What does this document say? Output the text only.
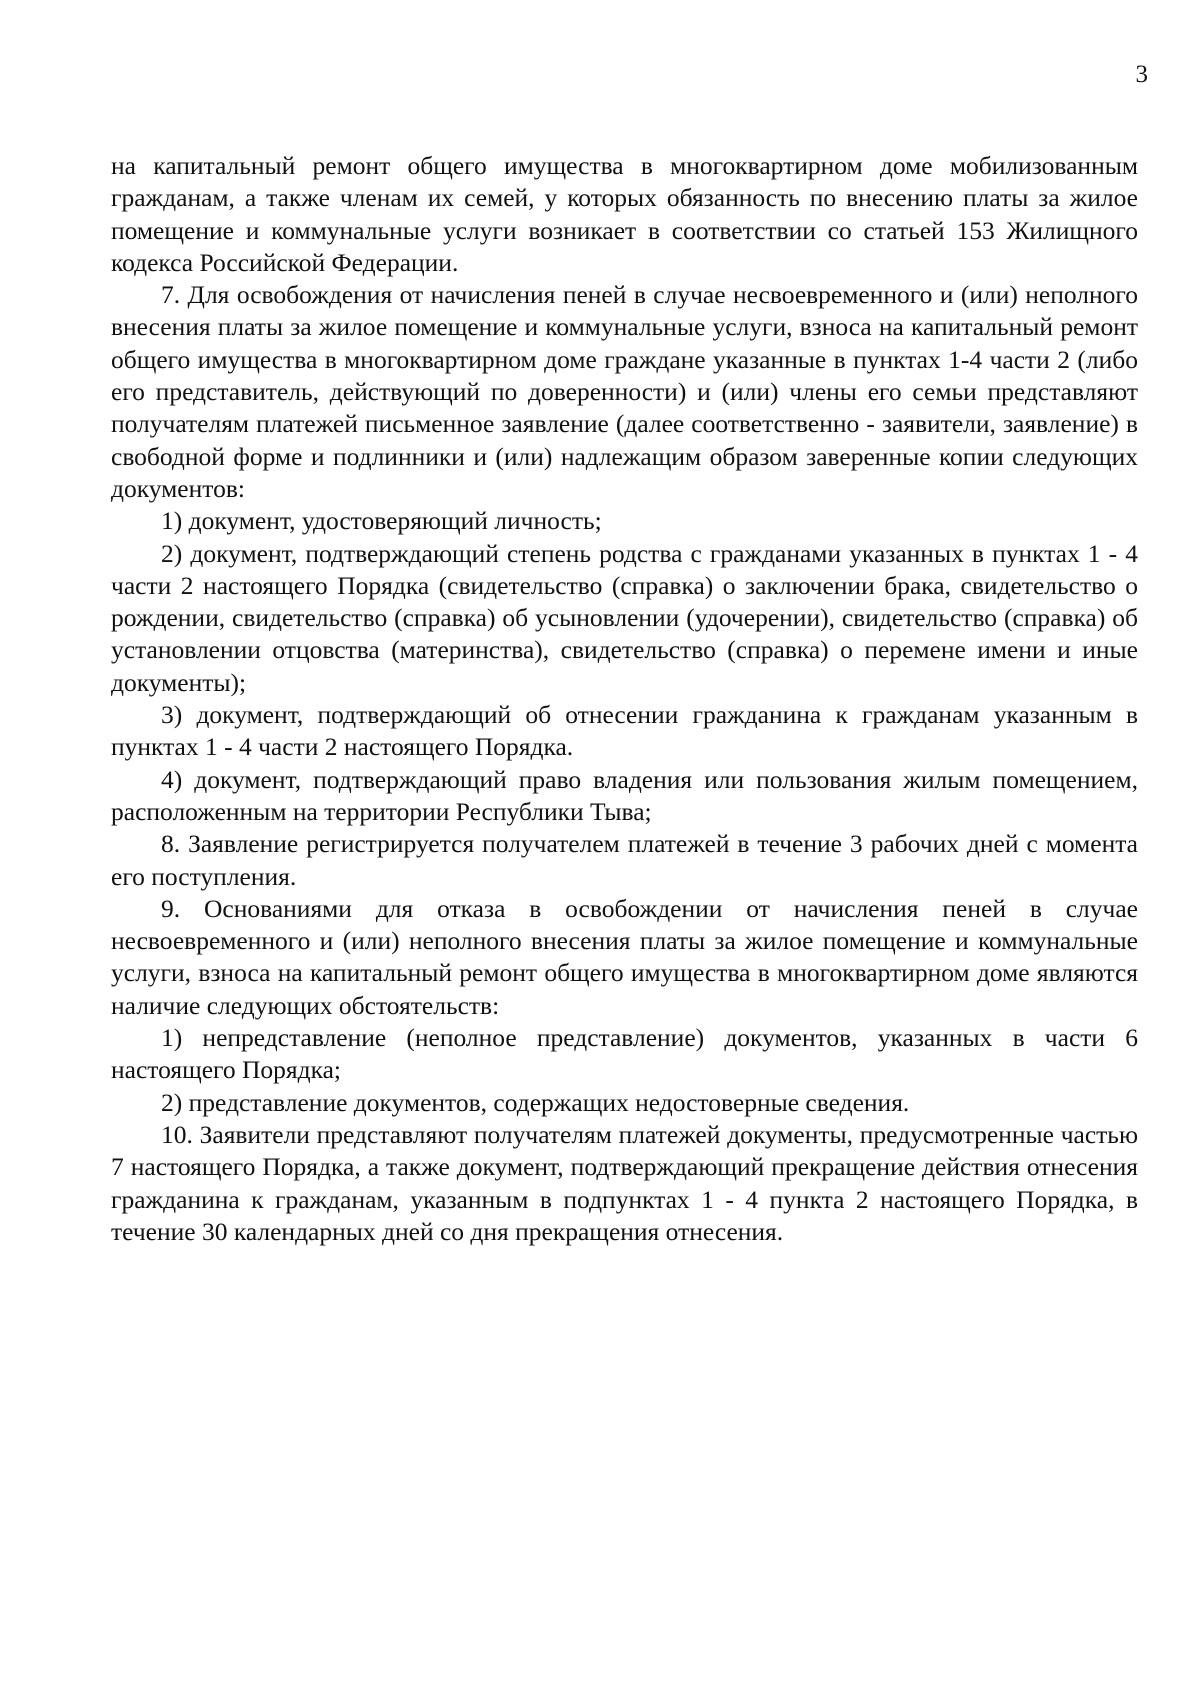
3

на капитальный ремонт общего имущества в многоквартирном доме мобилизованным гражданам, а также членам их семей, у которых обязанность по внесению платы за жилое помещение и коммунальные услуги возникает в соответствии со статьей 153 Жилищного кодекса Российской Федерации.

7. Для освобождения от начисления пеней в случае несвоевременного и (или) неполного внесения платы за жилое помещение и коммунальные услуги, взноса на капитальный ремонт общего имущества в многоквартирном доме граждане указанные в пунктах 1-4 части 2 (либо его представитель, действующий по доверенности) и (или) члены его семьи представляют получателям платежей письменное заявление (далее соответственно - заявители, заявление) в свободной форме и подлинники и (или) надлежащим образом заверенные копии следующих документов:

1) документ, удостоверяющий личность;

2) документ, подтверждающий степень родства с гражданами указанных в пунктах 1 - 4 части 2 настоящего Порядка (свидетельство (справка) о заключении брака, свидетельство о рождении, свидетельство (справка) об усыновлении (удочерении), свидетельство (справка) об установлении отцовства (материнства), свидетельство (справка) о перемене имени и иные документы);

3) документ, подтверждающий об отнесении гражданина к гражданам указанным в пунктах 1 - 4 части 2 настоящего Порядка.

4) документ, подтверждающий право владения или пользования жилым помещением, расположенным на территории Республики Тыва;

8. Заявление регистрируется получателем платежей в течение 3 рабочих дней с момента его поступления.

9. Основаниями для отказа в освобождении от начисления пеней в случае несвоевременного и (или) неполного внесения платы за жилое помещение и коммунальные услуги, взноса на капитальный ремонт общего имущества в многоквартирном доме являются наличие следующих обстоятельств:

1) непредставление (неполное представление) документов, указанных в части 6 настоящего Порядка;

2) представление документов, содержащих недостоверные сведения.

10. Заявители представляют получателям платежей документы, предусмотренные частью 7 настоящего Порядка, а также документ, подтверждающий прекращение действия отнесения гражданина к гражданам, указанным в подпунктах 1 - 4 пункта 2 настоящего Порядка, в течение 30 календарных дней со дня прекращения отнесения.
